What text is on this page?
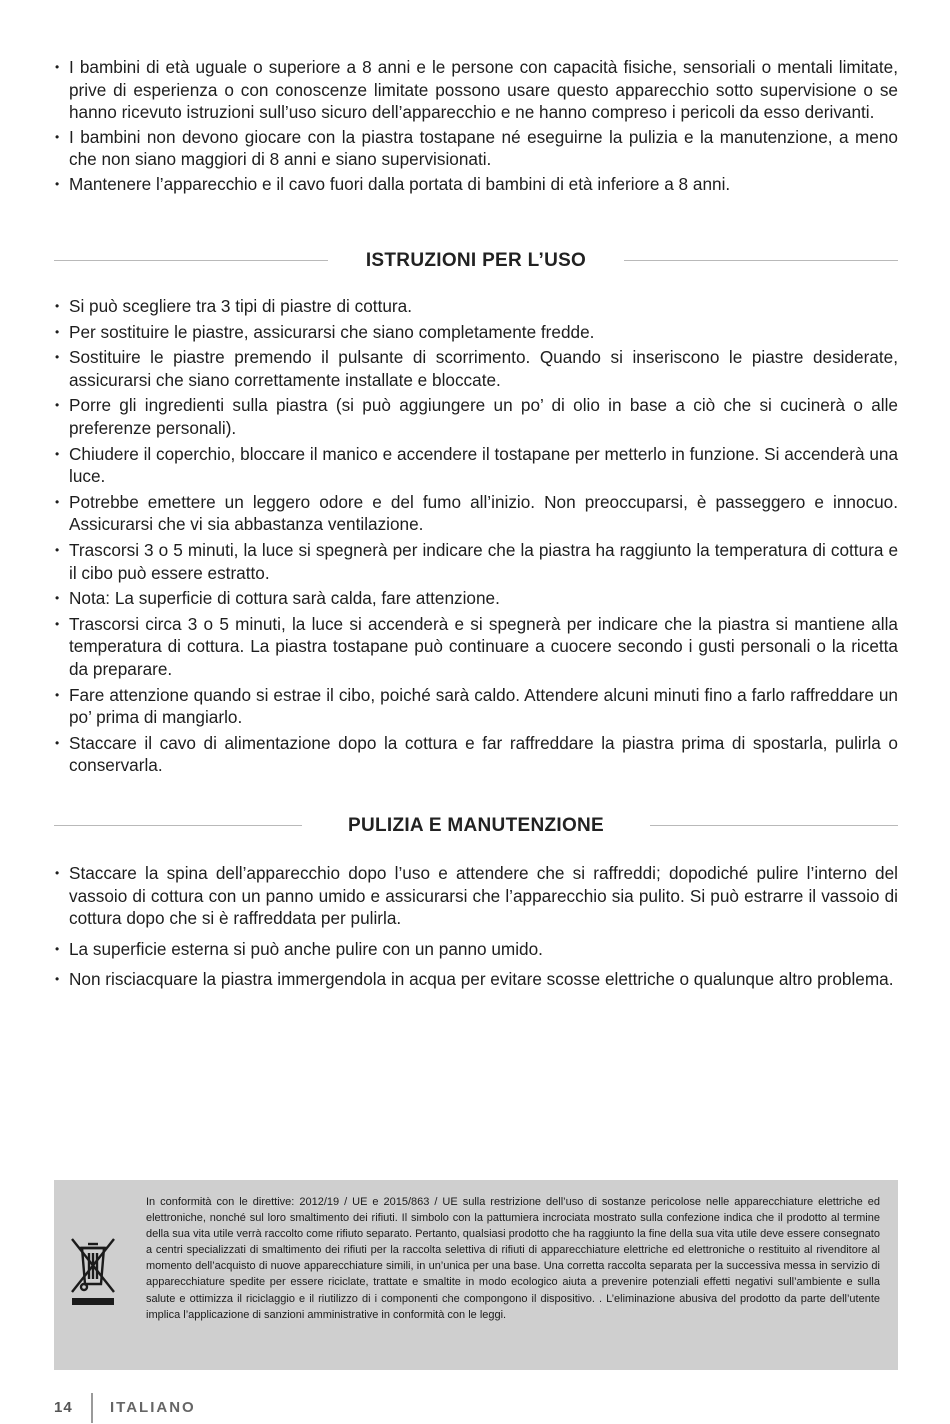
• I bambini di età uguale o superiore a 8 anni e le persone con capacità fisiche, sensoriali o mentali limitate, prive di esperienza o con conoscenze limitate possono usare questo apparecchio sotto supervisione o se hanno ricevuto istruzioni sull’uso sicuro dell’apparecchio e ne hanno compreso i pericoli da esso derivanti.
• I bambini non devono giocare con la piastra tostapane né eseguirne la pulizia e la manutenzione, a meno che non siano maggiori di 8 anni e siano supervisionati.
• Mantenere l’apparecchio e il cavo fuori dalla portata di bambini di età inferiore a 8 anni.
ISTRUZIONI PER L’USO
• Si può scegliere tra 3 tipi di piastre di cottura.
• Per sostituire le piastre, assicurarsi che siano completamente fredde.
• Sostituire le piastre premendo il pulsante di scorrimento. Quando si inseriscono le piastre desiderate, assicurarsi che siano correttamente installate e bloccate.
• Porre gli ingredienti sulla piastra (si può aggiungere un po’ di olio in base a ciò che si cucinerà o alle preferenze personali).
• Chiudere il coperchio, bloccare il manico e accendere il tostapane per metterlo in funzione. Si accenderà una luce.
• Potrebbe emettere un leggero odore e del fumo all’inizio. Non preoccuparsi, è passeggero e innocuo. Assicurarsi che vi sia abbastanza ventilazione.
• Trascorsi 3 o 5 minuti, la luce si spegnerà per indicare che la piastra ha raggiunto la temperatura di cottura e il cibo può essere estratto.
• Nota: La superficie di cottura sarà calda, fare attenzione.
• Trascorsi circa 3 o 5 minuti, la luce si accenderà e si spegnerà per indicare che la piastra si mantiene alla temperatura di cottura. La piastra tostapane può continuare a cuocere secondo i gusti personali o la ricetta da preparare.
• Fare attenzione quando si estrae il cibo, poiché sarà caldo. Attendere alcuni minuti fino a farlo raffreddare un po’ prima di mangiarlo.
• Staccare il cavo di alimentazione dopo la cottura e far raffreddare la piastra prima di spostarla, pulirla o conservarla.
PULIZIA E MANUTENZIONE
• Staccare la spina dell’apparecchio dopo l’uso e attendere che si raffreddi; dopodiché pulire l’interno del vassoio di cottura con un panno umido e assicurarsi che l’apparecchio sia pulito. Si può estrarre il vassoio di cottura dopo che si è raffreddata per pulirla.
• La superficie esterna si può anche pulire con un panno umido.
• Non risciacquare la piastra immergendola in acqua per evitare scosse elettriche o qualunque altro problema.

In conformità con le direttive: 2012/19 / UE e 2015/863 / UE sulla restrizione dell’uso di sostanze pericolose nelle apparecchiature elettriche ed elettroniche, nonché sul loro smaltimento dei rifiuti. Il simbolo con la pattumiera incrociata mostrato sulla confezione indica che il prodotto al termine della sua vita utile verrà raccolto come rifiuto separato. Pertanto, qualsiasi prodotto che ha raggiunto la fine della sua vita utile deve essere consegnato a centri specializzati di smaltimento dei rifiuti per la raccolta selettiva di rifiuti di apparecchiature elettriche ed elettroniche o restituito al rivenditore al momento dell’acquisto di nuove apparecchiature simili, in un’unica per una base. Una corretta raccolta separata per la successiva messa in servizio di apparecchiature spedite per essere riciclate, trattate e smaltite in modo ecologico aiuta a prevenire potenziali effetti negativi sull’ambiente e sulla salute e ottimizza il riciclaggio e il riutilizzo di i componenti che compongono il dispositivo. . L’eliminazione abusiva del prodotto da parte dell’utente implica l’applicazione di sanzioni amministrative in conformità con le leggi.

14 ITALIANO
